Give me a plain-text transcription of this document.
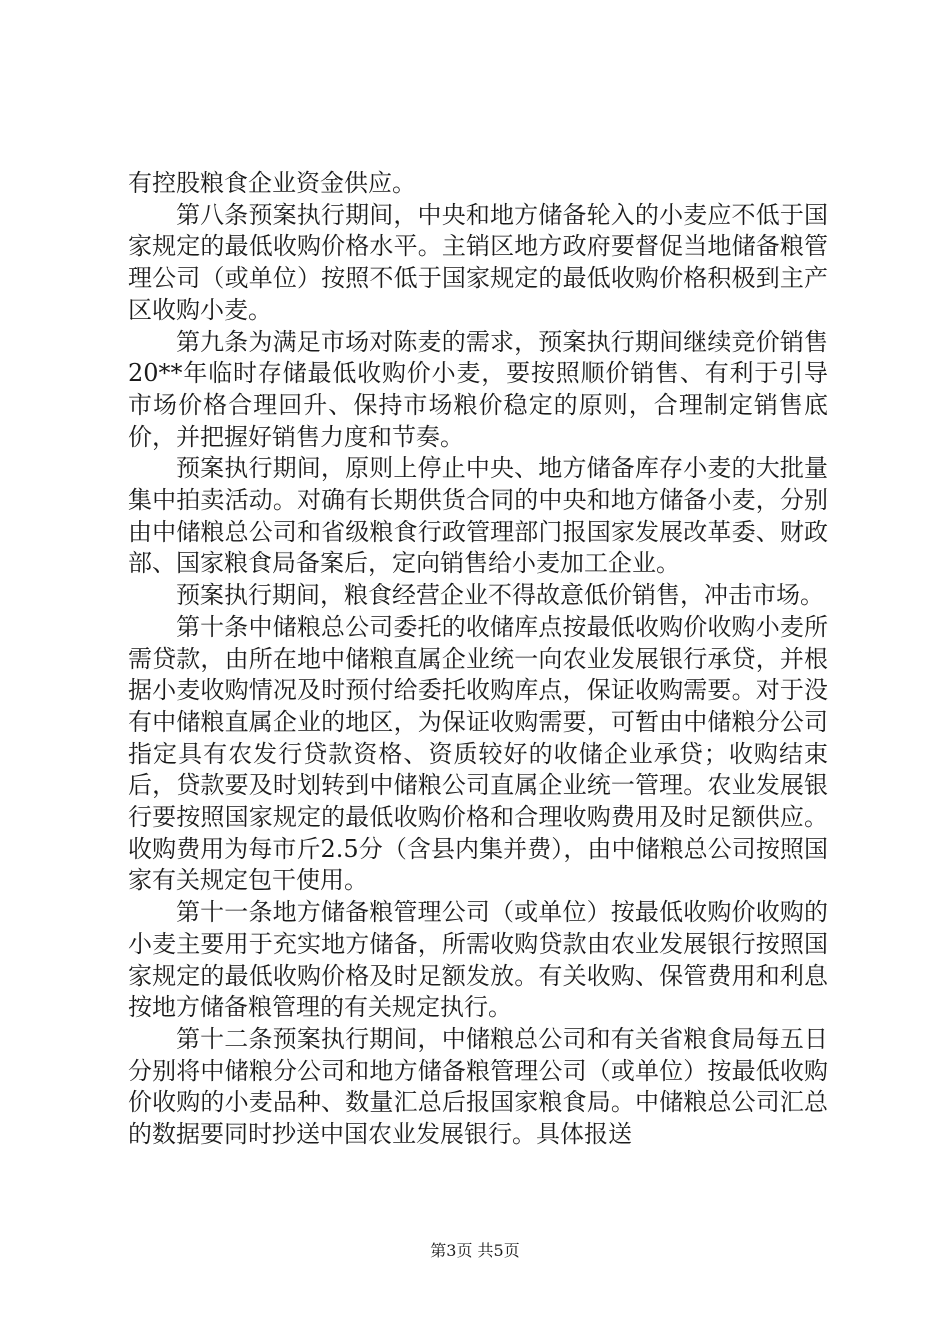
有控股粮食企业资金供应。

第八条预案执行期间，中央和地方储备轮入的小麦应不低于国家规定的最低收购价格水平。主销区地方政府要督促当地储备粮管理公司（或单位）按照不低于国家规定的最低收购价格积极到主产区收购小麦。

第九条为满足市场对陈麦的需求，预案执行期间继续竞价销售20**年临时存储最低收购价小麦，要按照顺价销售、有利于引导市场价格合理回升、保持市场粮价稳定的原则，合理制定销售底价，并把握好销售力度和节奏。

预案执行期间，原则上停止中央、地方储备库存小麦的大批量集中拍卖活动。对确有长期供货合同的中央和地方储备小麦，分别由中储粮总公司和省级粮食行政管理部门报国家发展改革委、财政部、国家粮食局备案后，定向销售给小麦加工企业。

预案执行期间，粮食经营企业不得故意低价销售，冲击市场。

第十条中储粮总公司委托的收储库点按最低收购价收购小麦所需贷款，由所在地中储粮直属企业统一向农业发展银行承贷，并根据小麦收购情况及时预付给委托收购库点，保证收购需要。对于没有中储粮直属企业的地区，为保证收购需要，可暂由中储粮分公司指定具有农发行贷款资格、资质较好的收储企业承贷；收购结束后，贷款要及时划转到中储粮公司直属企业统一管理。农业发展银行要按照国家规定的最低收购价格和合理收购费用及时足额供应。收购费用为每市斤2.5分（含县内集并费），由中储粮总公司按照国家有关规定包干使用。

第十一条地方储备粮管理公司（或单位）按最低收购价收购的小麦主要用于充实地方储备，所需收购贷款由农业发展银行按照国家规定的最低收购价格及时足额发放。有关收购、保管费用和利息按地方储备粮管理的有关规定执行。

第十二条预案执行期间，中储粮总公司和有关省粮食局每五日分别将中储粮分公司和地方储备粮管理公司（或单位）按最低收购价收购的小麦品种、数量汇总后报国家粮食局。中储粮总公司汇总的数据要同时抄送中国农业发展银行。具体报送

第3页 共5页
